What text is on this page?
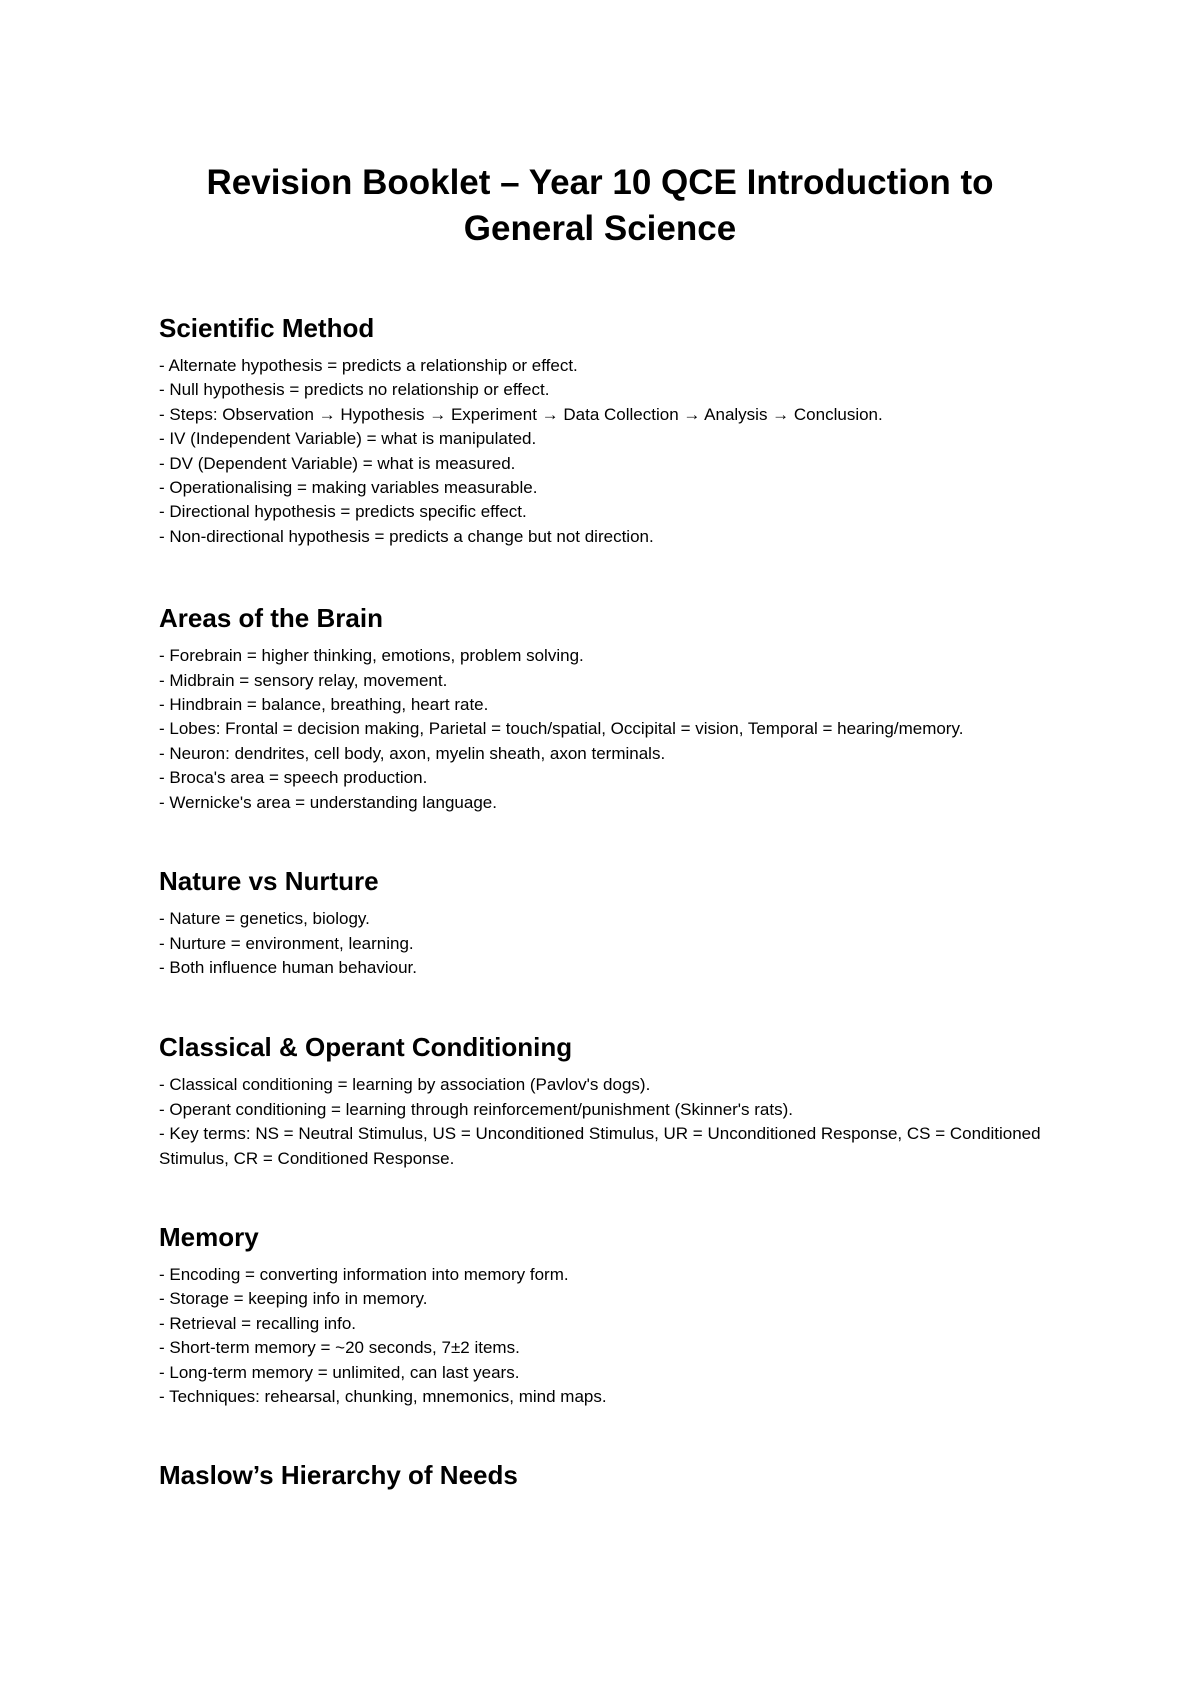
Revision Booklet – Year 10 QCE Introduction to
General Science
Scientific Method
- Alternate hypothesis = predicts a relationship or effect.
- Null hypothesis = predicts no relationship or effect.
- Steps: Observation → Hypothesis → Experiment → Data Collection → Analysis → Conclusion.
- IV (Independent Variable) = what is manipulated.
- DV (Dependent Variable) = what is measured.
- Operationalising = making variables measurable.
- Directional hypothesis = predicts specific effect.
- Non-directional hypothesis = predicts a change but not direction.
Areas of the Brain
- Forebrain = higher thinking, emotions, problem solving.
- Midbrain = sensory relay, movement.
- Hindbrain = balance, breathing, heart rate.
- Lobes: Frontal = decision making, Parietal = touch/spatial, Occipital = vision, Temporal = hearing/memory.
- Neuron: dendrites, cell body, axon, myelin sheath, axon terminals.
- Broca's area = speech production.
- Wernicke's area = understanding language.
Nature vs Nurture
- Nature = genetics, biology.
- Nurture = environment, learning.
- Both influence human behaviour.
Classical & Operant Conditioning
- Classical conditioning = learning by association (Pavlov's dogs).
- Operant conditioning = learning through reinforcement/punishment (Skinner's rats).
- Key terms: NS = Neutral Stimulus, US = Unconditioned Stimulus, UR = Unconditioned Response, CS = Conditioned Stimulus, CR = Conditioned Response.
Memory
- Encoding = converting information into memory form.
- Storage = keeping info in memory.
- Retrieval = recalling info.
- Short-term memory = ~20 seconds, 7±2 items.
- Long-term memory = unlimited, can last years.
- Techniques: rehearsal, chunking, mnemonics, mind maps.
Maslow’s Hierarchy of Needs
